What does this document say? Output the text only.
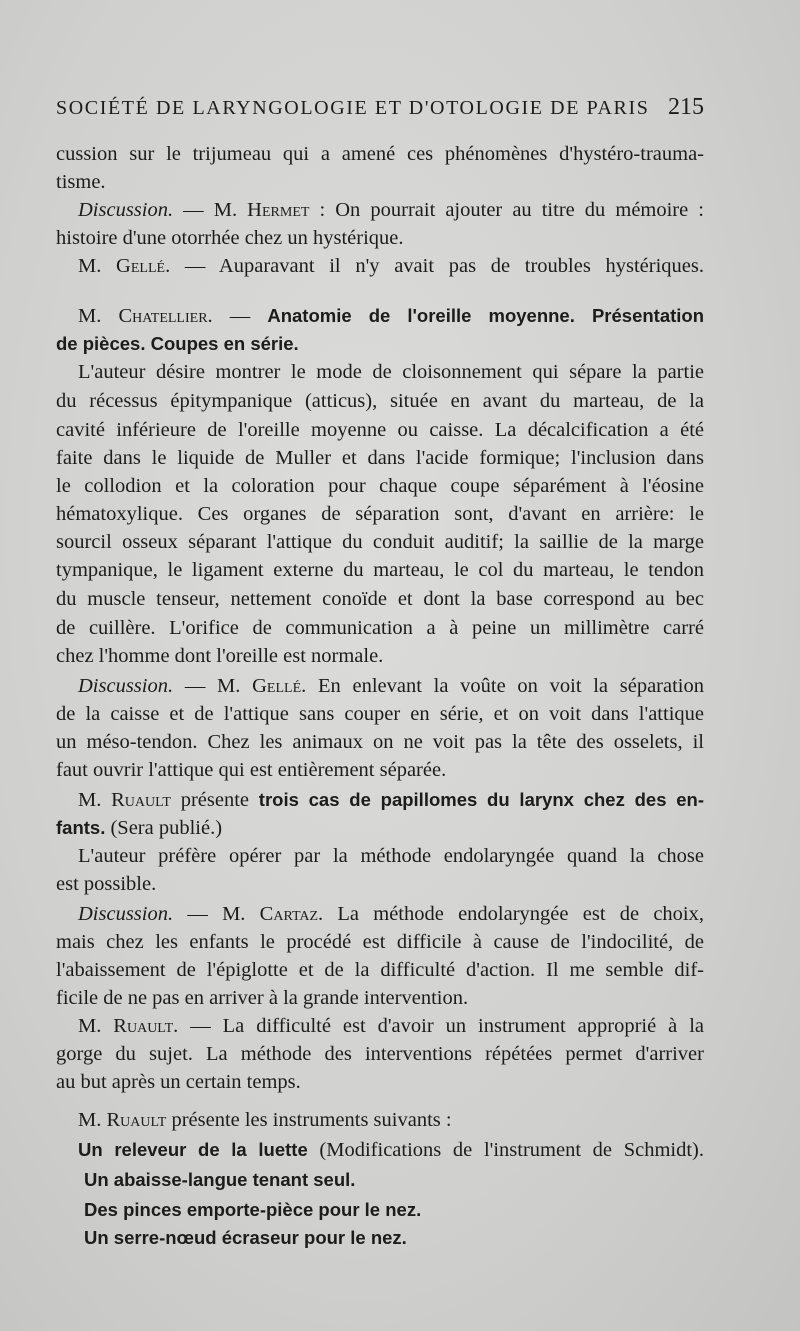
SOCIÉTÉ DE LARYNGOLOGIE ET D'OTOLOGIE DE PARIS 215
cussion sur le trijumeau qui a amené ces phénomènes d'hystéro-trauma-
tisme.
Discussion. — M. Hermet : On pourrait ajouter au titre du mémoire :
histoire d'une otorrhée chez un hystérique.
M. Gellé. — Auparavant il n'y avait pas de troubles hystériques.
M. Chatellier. — Anatomie de l'oreille moyenne. Présentation
de pièces. Coupes en série.
L'auteur désire montrer le mode de cloisonnement qui sépare la partie
du récessus épitympanique (atticus), située en avant du marteau, de la
cavité inférieure de l'oreille moyenne ou caisse. La décalcification a été
faite dans le liquide de Muller et dans l'acide formique; l'inclusion dans
le collodion et la coloration pour chaque coupe séparément à l'éosine
hématoxylique. Ces organes de séparation sont, d'avant en arrière: le
sourcil osseux séparant l'attique du conduit auditif; la saillie de la marge
tympanique, le ligament externe du marteau, le col du marteau, le tendon
du muscle tenseur, nettement conoïde et dont la base correspond au bec
de cuillère. L'orifice de communication a à peine un millimètre carré
chez l'homme dont l'oreille est normale.
Discussion. — M. Gellé. En enlevant la voûte on voit la séparation
de la caisse et de l'attique sans couper en série, et on voit dans l'attique
un méso-tendon. Chez les animaux on ne voit pas la tête des osselets, il
faut ouvrir l'attique qui est entièrement séparée.
M. Ruault présente trois cas de papillomes du larynx chez des en-
fants. (Sera publié.)
L'auteur préfère opérer par la méthode endolaryngée quand la chose
est possible.
Discussion. — M. Cartaz. La méthode endolaryngée est de choix,
mais chez les enfants le procédé est difficile à cause de l'indocilité, de
l'abaissement de l'épiglotte et de la difficulté d'action. Il me semble dif-
ficile de ne pas en arriver à la grande intervention.
M. Ruault. — La difficulté est d'avoir un instrument approprié à la
gorge du sujet. La méthode des interventions répétées permet d'arriver
au but après un certain temps.
M. Ruault présente les instruments suivants :
Un releveur de la luette (Modifications de l'instrument de Schmidt).
Un abaisse-langue tenant seul.
Des pinces emporte-pièce pour le nez.
Un serre-nœud écraseur pour le nez.
